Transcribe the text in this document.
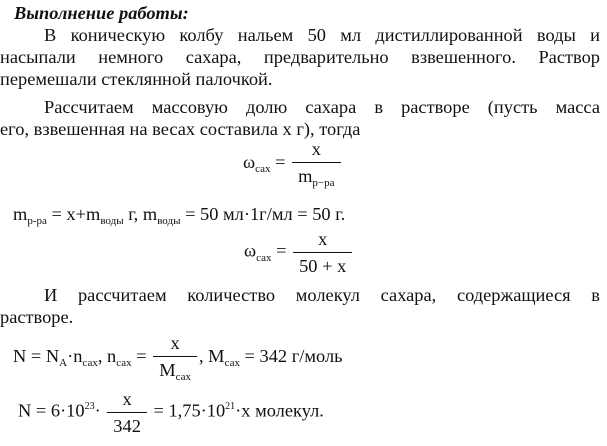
Выполнение работы:
В коническую колбу нальем 50 мл дистиллированной воды и
насыпали немного сахара, предварительно взвешенного. Раствор
перемешали стеклянной палочкой.
Рассчитаем массовую долю сахара в растворе (пусть масса
его, взвешенная на весах составила х г), тогда
$\omega_{сах} = \frac{x}{m_{р-ра}}$
$m_{р-ра} = x+m_{воды}$ г, $m_{воды} = 50$ мл·1г/мл = 50 г.
$\omega_{сах} = \frac{x}{50 + x}$
И рассчитаем количество молекул сахара, содержащиеся в
растворе.
$N = N_A\cdot n_{сах}$, $n_{сах} = \frac{x}{M_{сах}}$ , $M_{сах} = 342$ г/моль
$N = 6\cdot 10^{23}\cdot \frac{x}{342} = 1,75\cdot 10^{21}\cdot x$ молекул.
